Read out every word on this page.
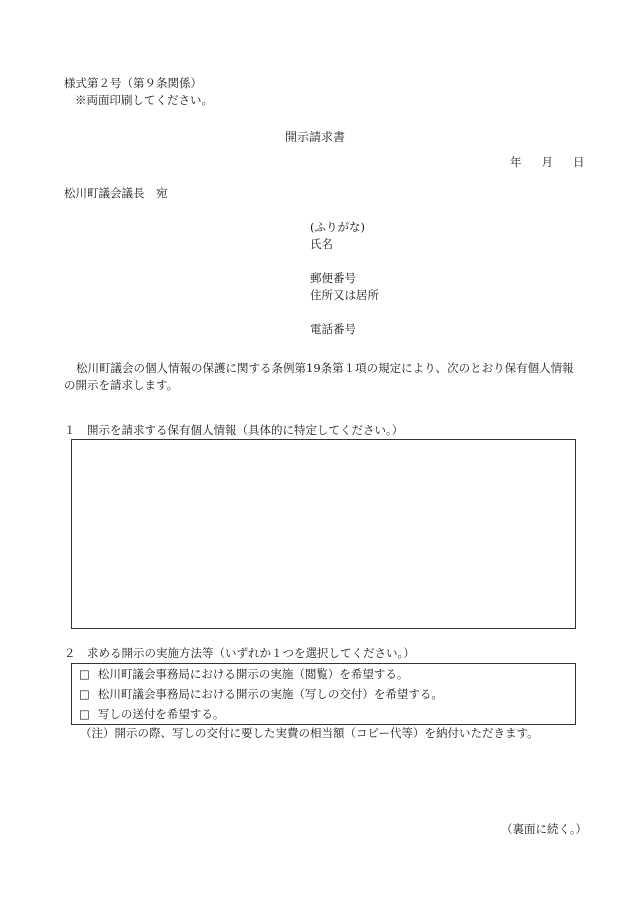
様式第２号（第９条関係）
※両面印刷してください。
開示請求書
年 月 日
松川町議会議長　宛
(ふりがな)
氏名
郵便番号
住所又は居所
電話番号
松川町議会の個人情報の保護に関する条例第19条第１項の規定により、次のとおり保有個人情報の開示を請求します。
１　開示を請求する保有個人情報（具体的に特定してください。）
２　求める開示の実施方法等（いずれか１つを選択してください。）
□ 松川町議会事務局における開示の実施（閲覧）を希望する。
□ 松川町議会事務局における開示の実施（写しの交付）を希望する。
□ 写しの送付を希望する。
（注）開示の際、写しの交付に要した実費の相当額（コピー代等）を納付いただきます。
（裏面に続く。）
